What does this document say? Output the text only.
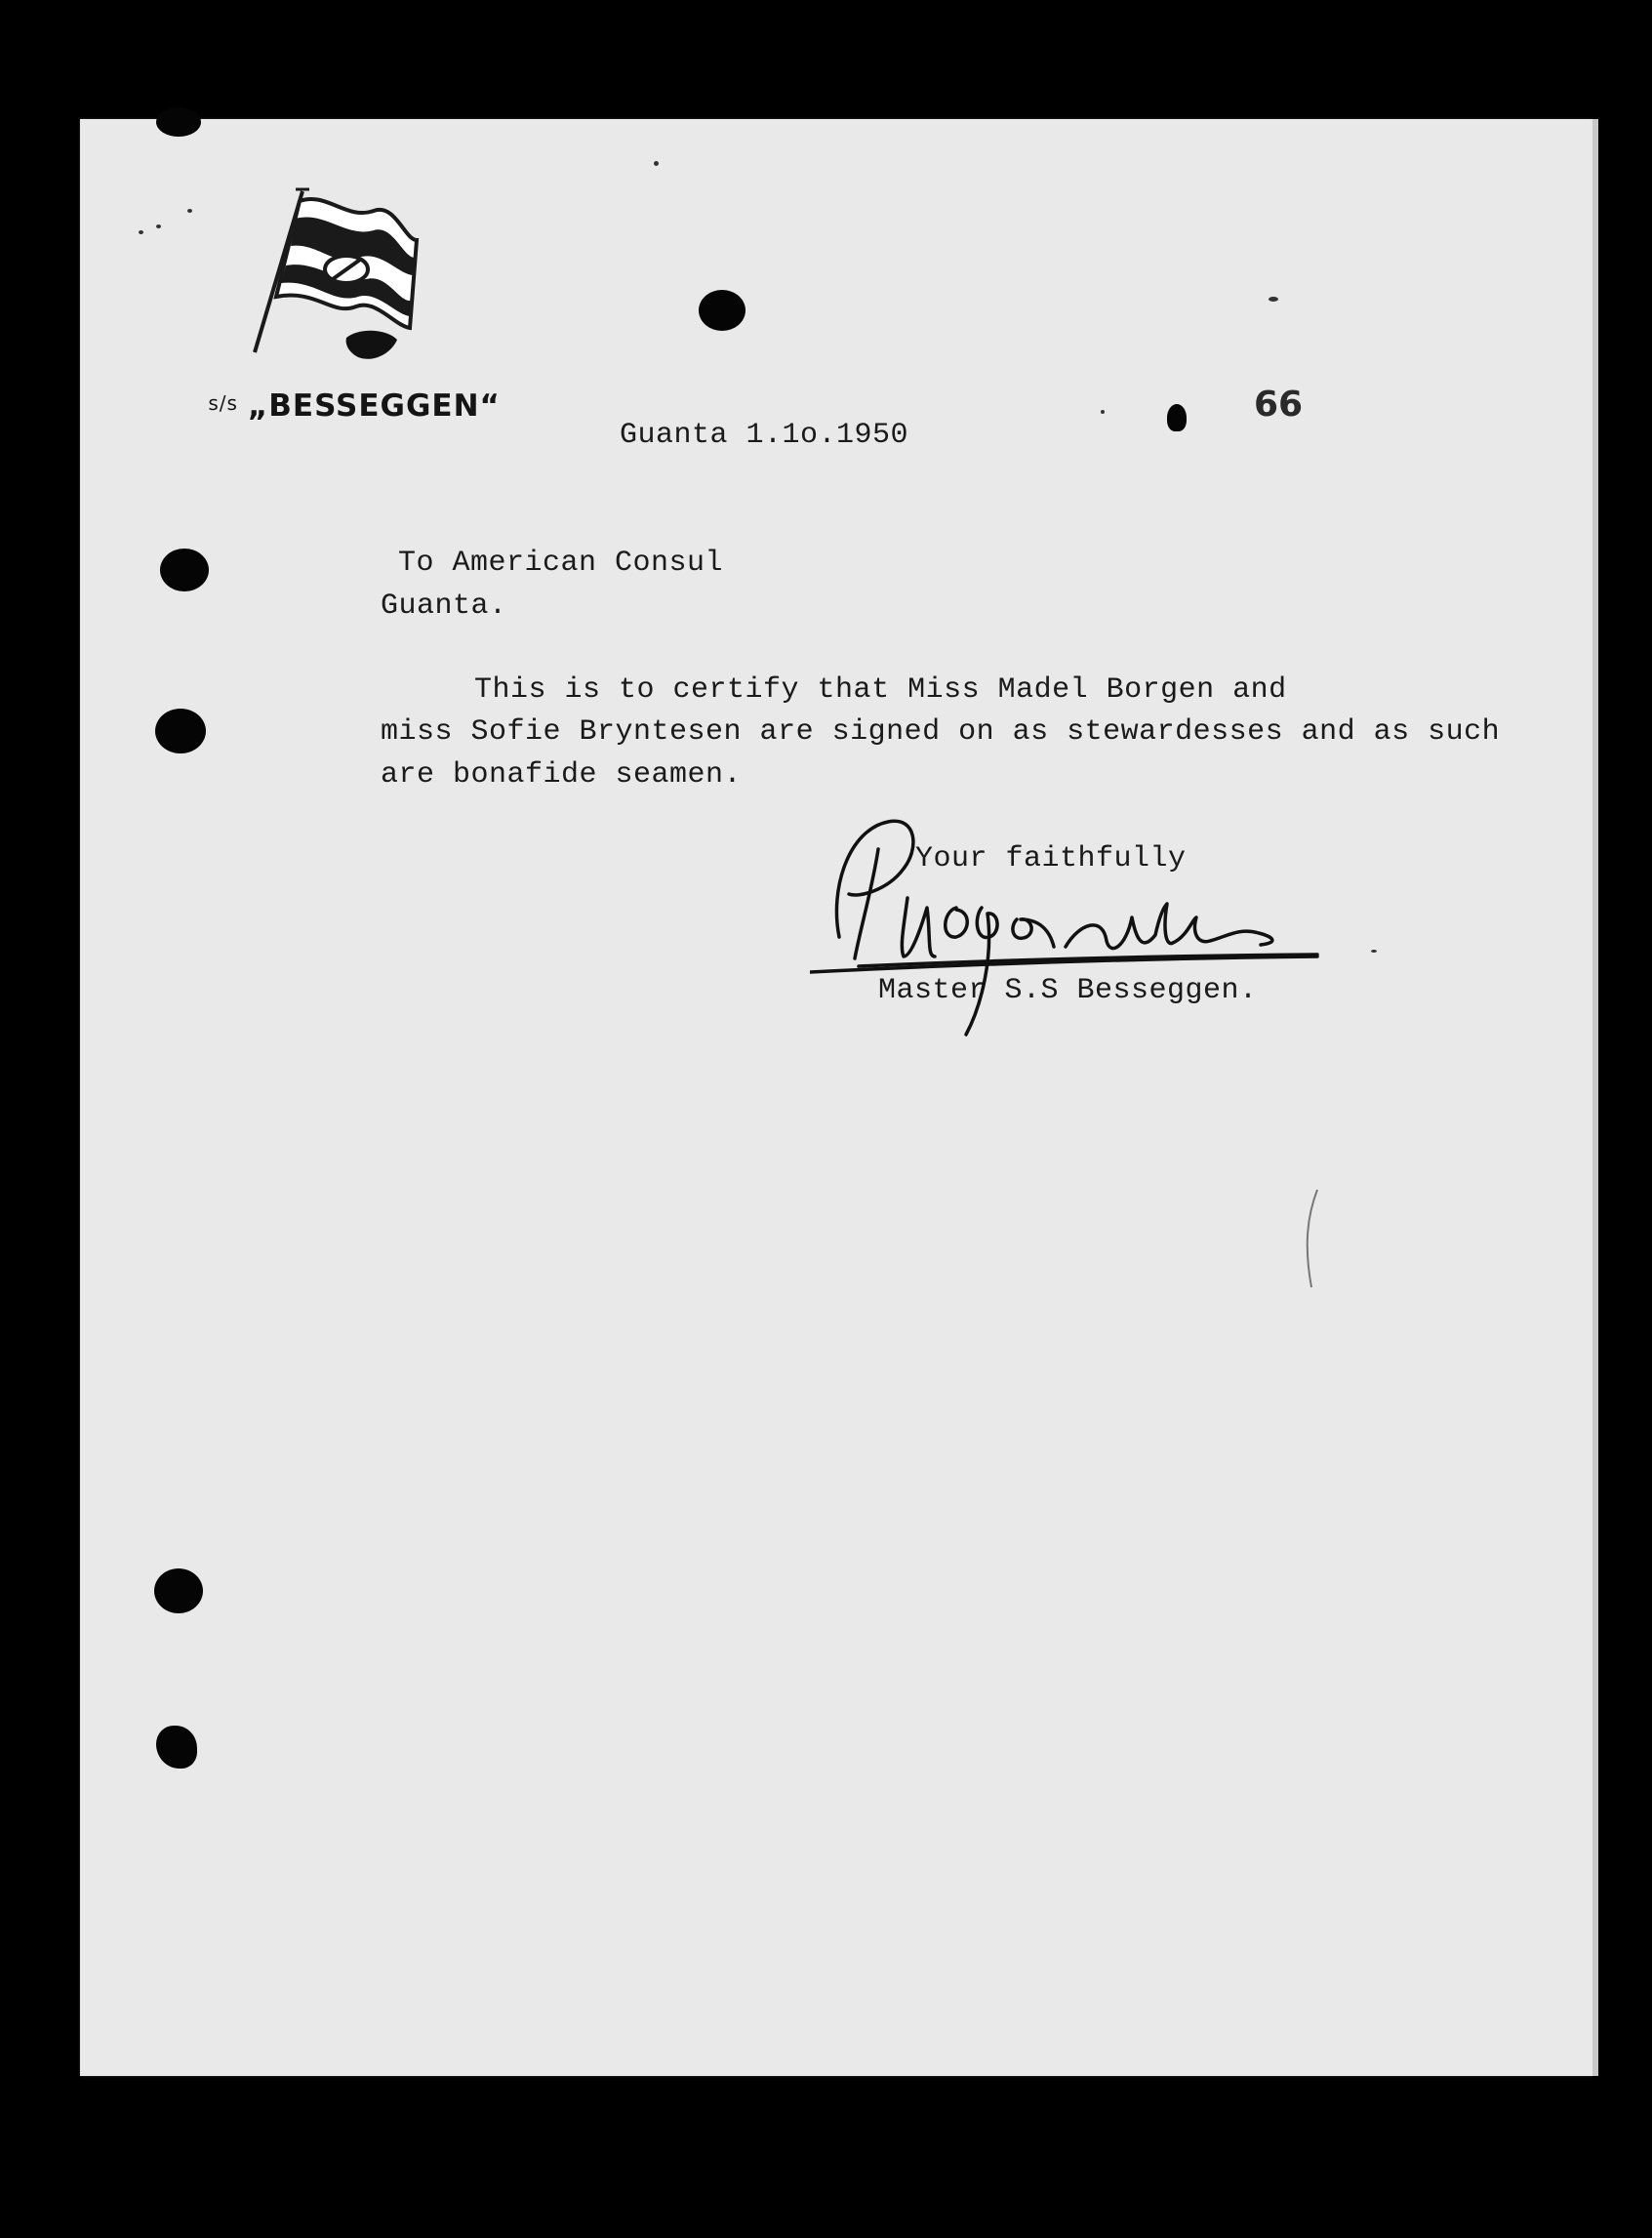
s/s „BESSEGGEN“
	66
Guanta 1.1o.1950
To American Consul
Guanta.
This is to certify that Miss Madel Borgen and
miss Sofie Bryntesen are signed on as stewardesses and as such
are bonafide seamen.
Your faithfully
Master S.S Besseggen.
